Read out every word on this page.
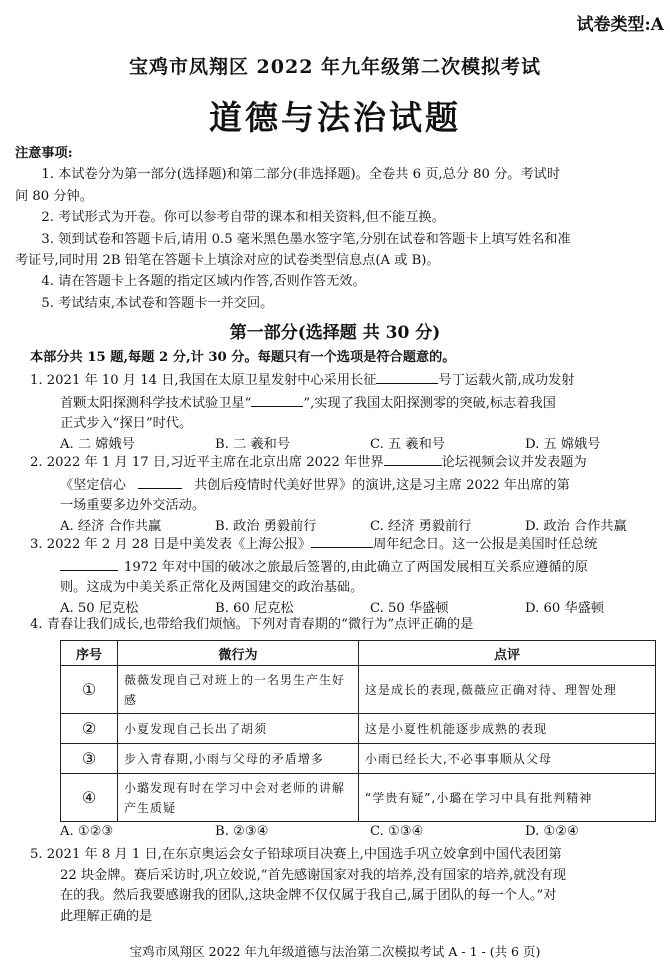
试卷类型:A
宝鸡市凤翔区 2022 年九年级第二次模拟考试
道德与法治试题
注意事项:
1. 本试卷分为第一部分(选择题)和第二部分(非选择题)。全卷共 6 页,总分 80 分。考试时
间 80 分钟。
2. 考试形式为开卷。你可以参考自带的课本和相关资料,但不能互换。
3. 领到试卷和答题卡后,请用 0.5 毫米黑色墨水签字笔,分别在试卷和答题卡上填写姓名和准
考证号,同时用 2B 铅笔在答题卡上填涂对应的试卷类型信息点(A 或 B)。
4. 请在答题卡上各题的指定区域内作答,否则作答无效。
5. 考试结束,本试卷和答题卡一并交回。
第一部分(选择题 共 30 分)
本部分共 15 题,每题 2 分,计 30 分。每题只有一个选项是符合题意的。
1. 2021 年 10 月 14 日,我国在太原卫星发射中心采用长征	号丁运载火箭,成功发射
首颗太阳探测科学技术试验卫星“	”,实现了我国太阳探测零的突破,标志着我国
正式步入“探日”时代。
A. 二 嫦娥号	B. 二 羲和号	C. 五 羲和号	D. 五 嫦娥号
2. 2022 年 1 月 17 日,习近平主席在北京出席 2022 年世界	论坛视频会议并发表题为
《坚定信心	共创后疫情时代美好世界》的演讲,这是习主席 2022 年出席的第
一场重要多边外交活动。
A. 经济 合作共赢	B. 政治 勇毅前行	C. 经济 勇毅前行	D. 政治 合作共赢
3. 2022 年 2 月 28 日是中美发表《上海公报》	周年纪念日。这一公报是美国时任总统
1972 年对中国的破冰之旅最后签署的,由此确立了两国发展相互关系应遵循的原
则。这成为中美关系正常化及两国建交的政治基础。
A. 50 尼克松	B. 60 尼克松	C. 50 华盛顿	D. 60 华盛顿
4. 青春让我们成长,也带给我们烦恼。下列对青春期的“微行为”点评正确的是
序号	微行为	点评
①	薇薇发现自己对班上的一名男生产生好感	这是成长的表现,薇薇应正确对待、理智处理
②	小夏发现自己长出了胡须	这是小夏性机能逐步成熟的表现
③	步入青春期,小雨与父母的矛盾增多	小雨已经长大,不必事事顺从父母
④	小璐发现有时在学习中会对老师的讲解产生质疑	“学贵有疑”,小璐在学习中具有批判精神
A. ①②③	B. ②③④	C. ①③④	D. ①②④
5. 2021 年 8 月 1 日,在东京奥运会女子铅球项目决赛上,中国选手巩立姣拿到中国代表团第
22 块金牌。赛后采访时,巩立姣说,“首先感谢国家对我的培养,没有国家的培养,就没有现
在的我。然后我要感谢我的团队,这块金牌不仅仅属于我自己,属于团队的每一个人。”对
此理解正确的是
宝鸡市凤翔区 2022 年九年级道德与法治第二次模拟考试 A - 1 - (共 6 页)
